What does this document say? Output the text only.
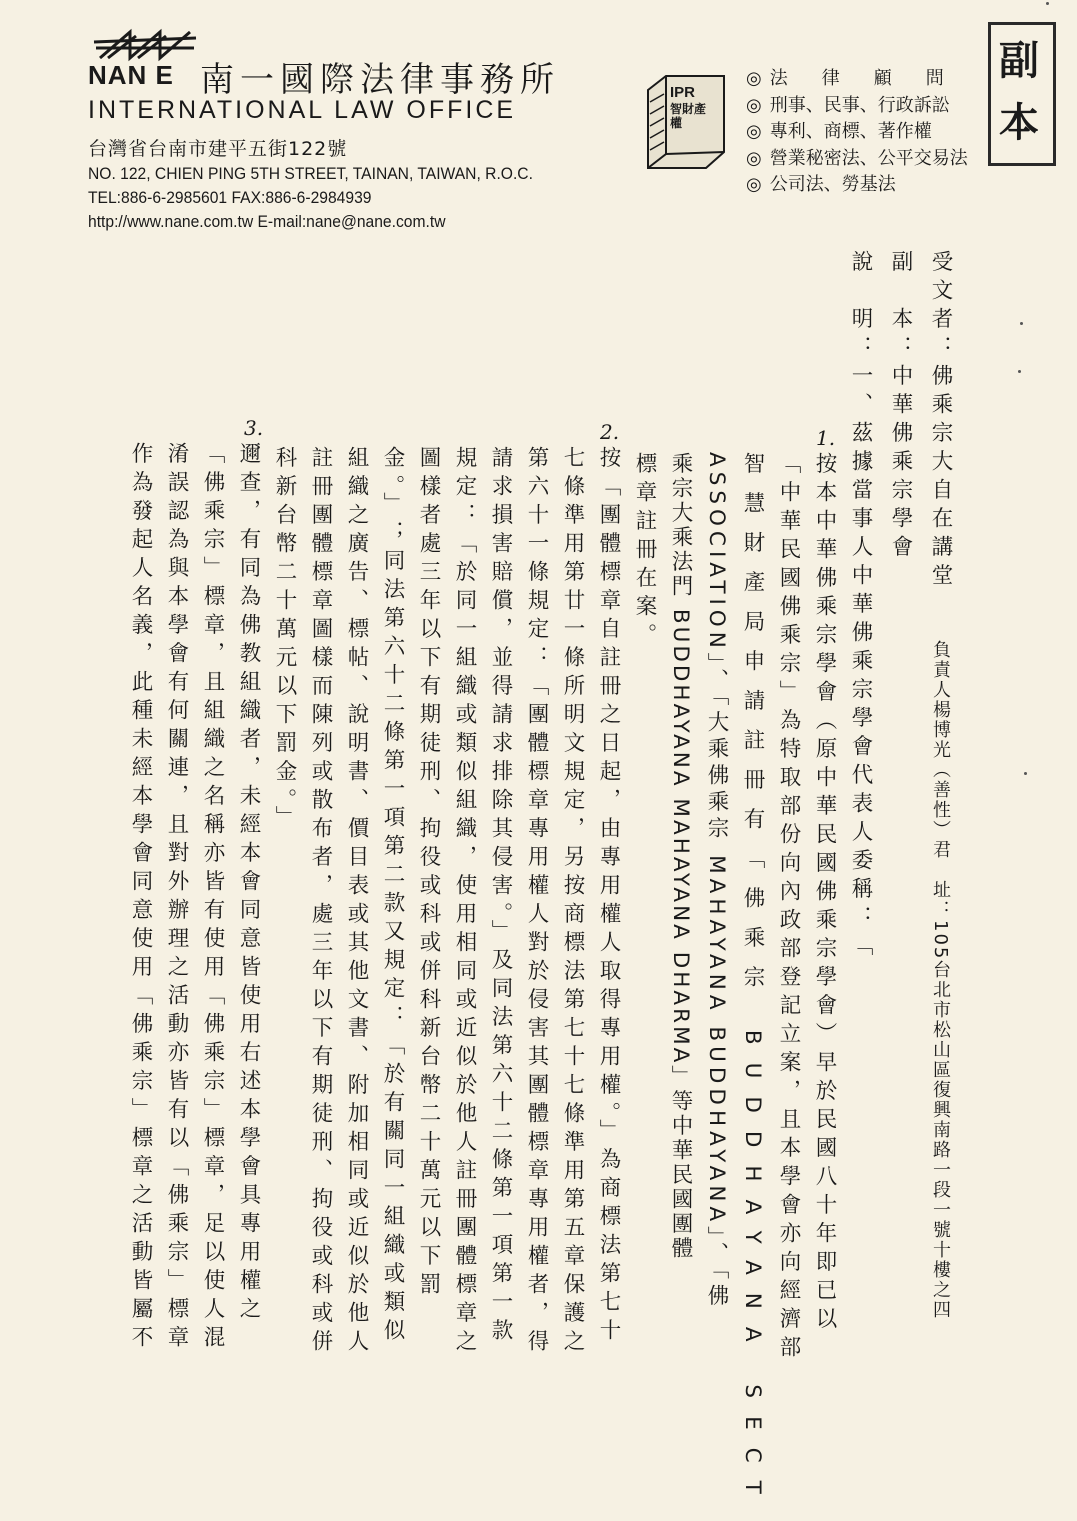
NAN E 南一國際法律事務所
INTERNATIONAL LAW OFFICE
台灣省台南市建平五街122號
NO. 122, CHIEN PING 5TH STREET, TAINAN, TAIWAN, R.O.C.
TEL:886-6-2985601 FAX:886-6-2984939
http://www.nane.com.tw E-mail:nane@nane.com.tw
IPR
智財產權
◎ 法律顧問
◎ 刑事、民事、行政訴訟
◎ 專利、商標、著作權
◎ 營業秘密法、公平交易法
◎ 公司法、勞基法
副本
受文者：佛乘宗大自在講堂
副　本：中華佛乘宗學會
說　明：一、茲據當事人中華佛乘宗學會代表人委稱：「
負責人楊博光（善性）君　址：105台北市松山區復興南路一段一號十樓之四
1.
2.
3.
按本中華佛乘宗學會（原中華民國佛乘宗學會）早於民國八十年即已以
「中華民國佛乘宗」為特取部份向內政部登記立案，且本學會亦向經濟部
智慧財產局申請註冊有「佛乘宗 BUDDHAYANA SECT
ASSOCIATION」、「大乘佛乘宗 MAHAYANA BUDDHAYANA」、「佛
乘宗大乘法門 BUDDHAYANA MAHAYANA DHARMA」等中華民國團體
標章註冊在案。
按「團體標章自註冊之日起，由專用權人取得專用權。」為商標法第七十
七條準用第廿一條所明文規定，另按商標法第七十七條準用第五章保護之
第六十一條規定：「團體標章專用權人對於侵害其團體標章專用權者，得
請求損害賠償，並得請求排除其侵害。」及同法第六十二條第一項第一款
規定：「於同一組織或類似組織，使用相同或近似於他人註冊團體標章之
圖樣者處三年以下有期徒刑、拘役或科或併科新台幣二十萬元以下罰
金。」；同法第六十二條第一項第二款又規定：「於有關同一組織或類似
組織之廣告、標帖、說明書、價目表或其他文書、附加相同或近似於他人
註冊團體標章圖樣而陳列或散布者，處三年以下有期徒刑、拘役或科或併
科新台幣二十萬元以下罰金。」
邇查，有同為佛教組織者，未經本會同意皆使用右述本學會具專用權之
「佛乘宗」標章，且組織之名稱亦皆有使用「佛乘宗」標章，足以使人混
淆誤認為與本學會有何關連，且對外辦理之活動亦皆有以「佛乘宗」標章
作為發起人名義，此種未經本學會同意使用「佛乘宗」標章之活動皆屬不
